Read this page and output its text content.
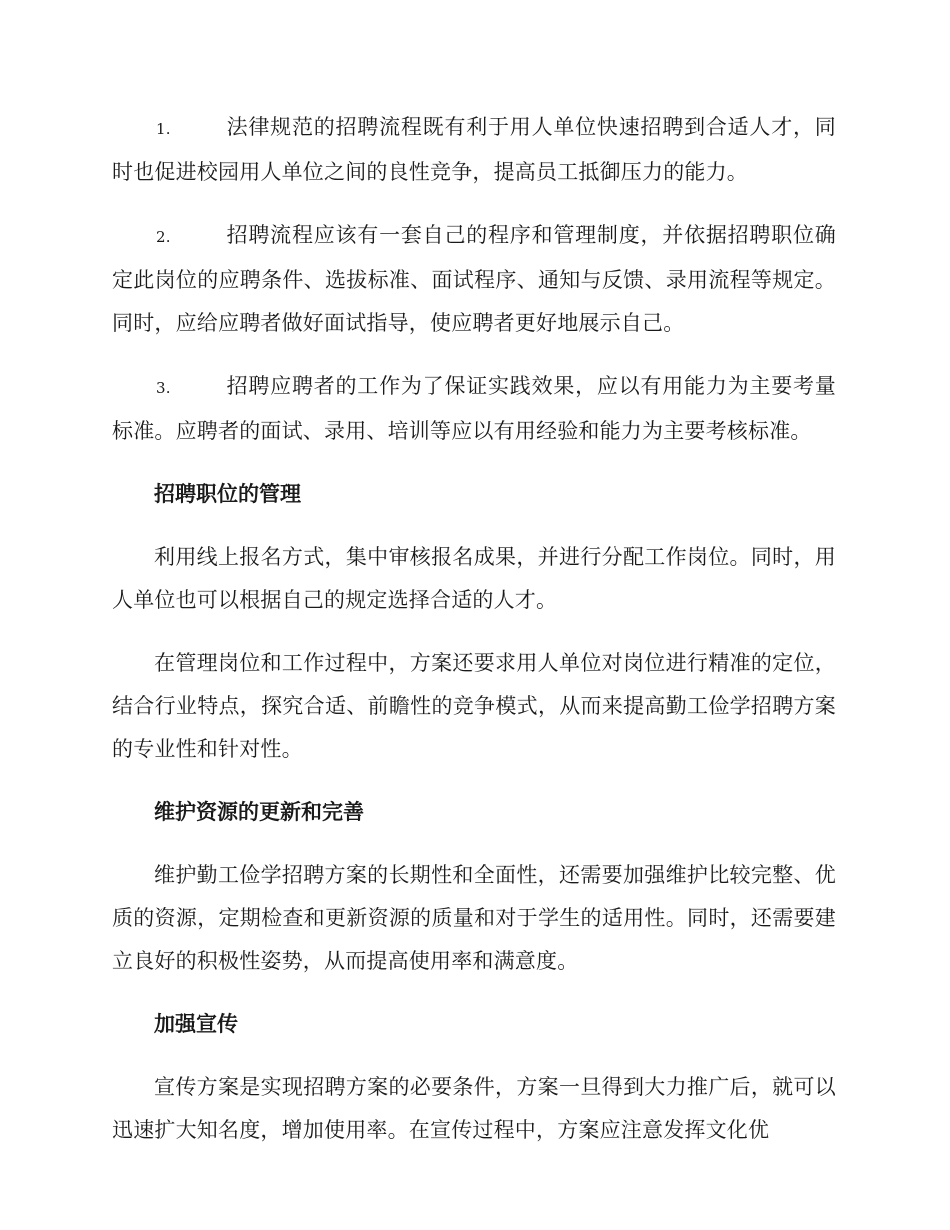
1.	法律规范的招聘流程既有利于用人单位快速招聘到合适人才，同时也促进校园用人单位之间的良性竞争，提高员工抵御压力的能力。

2.	招聘流程应该有一套自己的程序和管理制度，并依据招聘职位确定此岗位的应聘条件、选拔标准、面试程序、通知与反馈、录用流程等规定。同时，应给应聘者做好面试指导，使应聘者更好地展示自己。

3.	招聘应聘者的工作为了保证实践效果，应以有用能力为主要考量标准。应聘者的面试、录用、培训等应以有用经验和能力为主要考核标准。

招聘职位的管理

利用线上报名方式，集中审核报名成果，并进行分配工作岗位。同时，用人单位也可以根据自己的规定选择合适的人才。

在管理岗位和工作过程中，方案还要求用人单位对岗位进行精准的定位，结合行业特点，探究合适、前瞻性的竞争模式，从而来提高勤工俭学招聘方案的专业性和针对性。

维护资源的更新和完善

维护勤工俭学招聘方案的长期性和全面性，还需要加强维护比较完整、优质的资源，定期检查和更新资源的质量和对于学生的适用性。同时，还需要建立良好的积极性姿势，从而提高使用率和满意度。

加强宣传

宣传方案是实现招聘方案的必要条件，方案一旦得到大力推广后，就可以迅速扩大知名度，增加使用率。在宣传过程中，方案应注意发挥文化优
